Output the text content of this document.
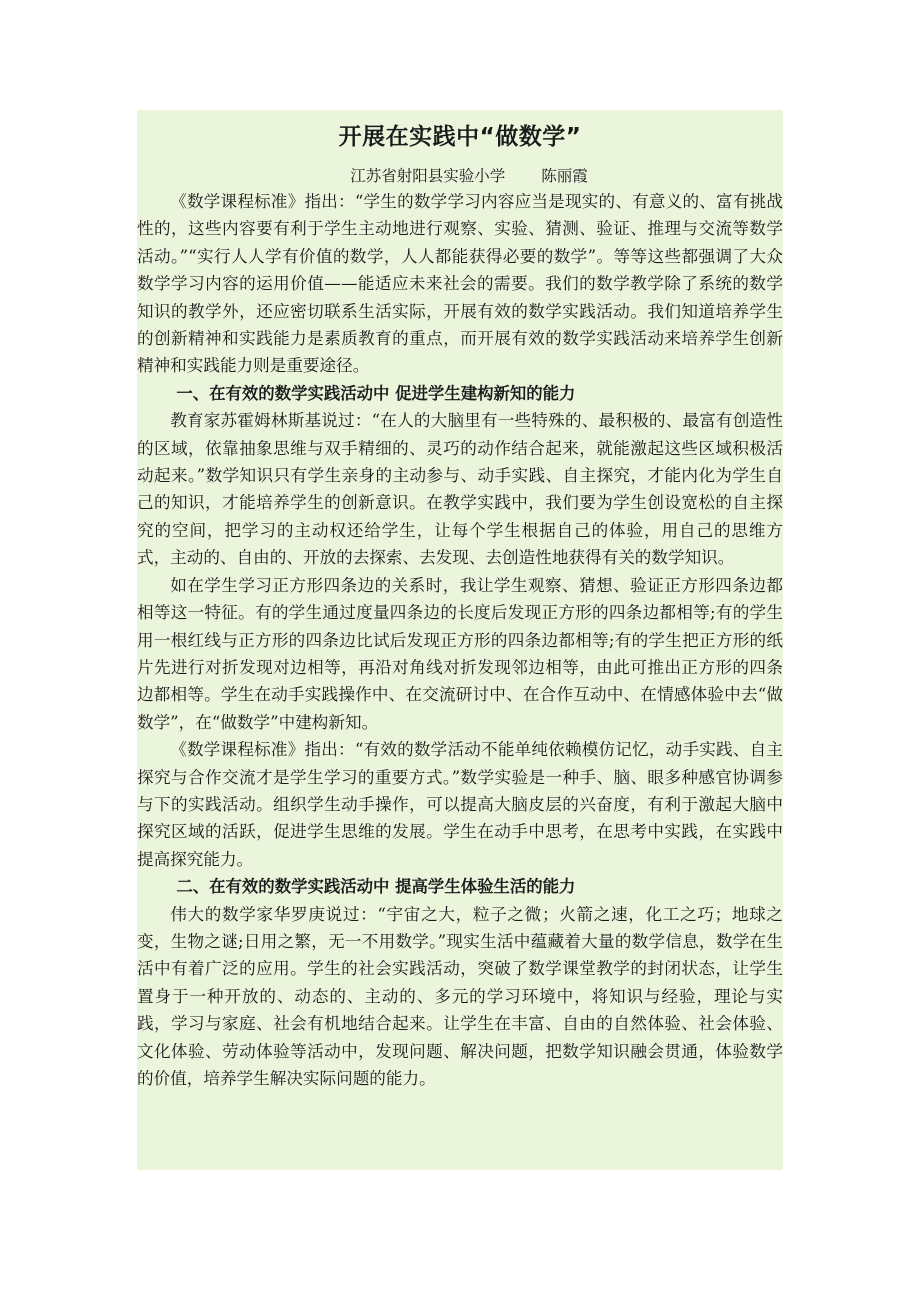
开展在实践中“做数学”
江苏省射阳县实验小学 陈丽霞

《数学课程标准》指出：“学生的数学学习内容应当是现实的、有意义的、富有挑战性的，这些内容要有利于学生主动地进行观察、实验、猜测、验证、推理与交流等数学活动。”“实行人人学有价值的数学，人人都能获得必要的数学”。等等这些都强调了大众数学学习内容的运用价值——能适应未来社会的需要。我们的数学教学除了系统的数学知识的教学外，还应密切联系生活实际，开展有效的数学实践活动。我们知道培养学生的创新精神和实践能力是素质教育的重点，而开展有效的数学实践活动来培养学生创新精神和实践能力则是重要途径。

一、在有效的数学实践活动中 促进学生建构新知的能力

教育家苏霍姆林斯基说过：“在人的大脑里有一些特殊的、最积极的、最富有创造性的区域，依靠抽象思维与双手精细的、灵巧的动作结合起来，就能激起这些区域积极活动起来。”数学知识只有学生亲身的主动参与、动手实践、自主探究，才能内化为学生自己的知识，才能培养学生的创新意识。在教学实践中，我们要为学生创设宽松的自主探究的空间，把学习的主动权还给学生，让每个学生根据自己的体验，用自己的思维方式，主动的、自由的、开放的去探索、去发现、去创造性地获得有关的数学知识。

如在学生学习正方形四条边的关系时，我让学生观察、猜想、验证正方形四条边都相等这一特征。有的学生通过度量四条边的长度后发现正方形的四条边都相等;有的学生用一根红线与正方形的四条边比试后发现正方形的四条边都相等;有的学生把正方形的纸片先进行对折发现对边相等，再沿对角线对折发现邻边相等，由此可推出正方形的四条边都相等。学生在动手实践操作中、在交流研讨中、在合作互动中、在情感体验中去“做数学”，在“做数学”中建构新知。

《数学课程标准》指出：“有效的数学活动不能单纯依赖模仿记忆，动手实践、自主探究与合作交流才是学生学习的重要方式。”数学实验是一种手、脑、眼多种感官协调参与下的实践活动。组织学生动手操作，可以提高大脑皮层的兴奋度，有利于激起大脑中探究区域的活跃，促进学生思维的发展。学生在动手中思考，在思考中实践，在实践中提高探究能力。

二、在有效的数学实践活动中 提高学生体验生活的能力

伟大的数学家华罗庚说过：“宇宙之大，粒子之微；火箭之速，化工之巧；地球之变，生物之谜;日用之繁，无一不用数学。”现实生活中蕴藏着大量的数学信息，数学在生活中有着广泛的应用。学生的社会实践活动，突破了数学课堂教学的封闭状态，让学生置身于一种开放的、动态的、主动的、多元的学习环境中，将知识与经验，理论与实践，学习与家庭、社会有机地结合起来。让学生在丰富、自由的自然体验、社会体验、文化体验、劳动体验等活动中，发现问题、解决问题，把数学知识融会贯通，体验数学的价值，培养学生解决实际问题的能力。
